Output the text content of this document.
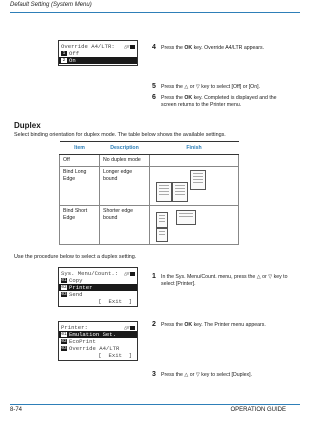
Default Setting (System Menu)
Override A4/LTR: △▽
1 Off
2 On
4 Press the OK key. Override A4/LTR appears.
5 Press the △ or ▽ key to select [Off] or [On].
6 Press the OK key. Completed is displayed and the screen returns to the Printer menu.
Duplex
Select binding orientation for duplex mode. The table below shows the available settings.
Item	Description	Finish
Off	No duplex mode	
Bind Long Edge	Longer edge bound	

Bind Short Edge	Shorter edge bound	
Use the procedure below to select a duplex setting.
Sys. Menu/Count.: △▽
01 Copy
02 Printer
03 Send
[  Exit  ]
Printer:	△▽
01 Emulation Set.
02 EcoPrint
03 Override A4/LTR
[  Exit  ]
1 In the Sys. Menu/Count. menu, press the △ or ▽ key to select [Printer].
2 Press the OK key. The Printer menu appears.
3 Press the △ or ▽ key to select [Duplex].
8-74	OPERATION GUIDE
